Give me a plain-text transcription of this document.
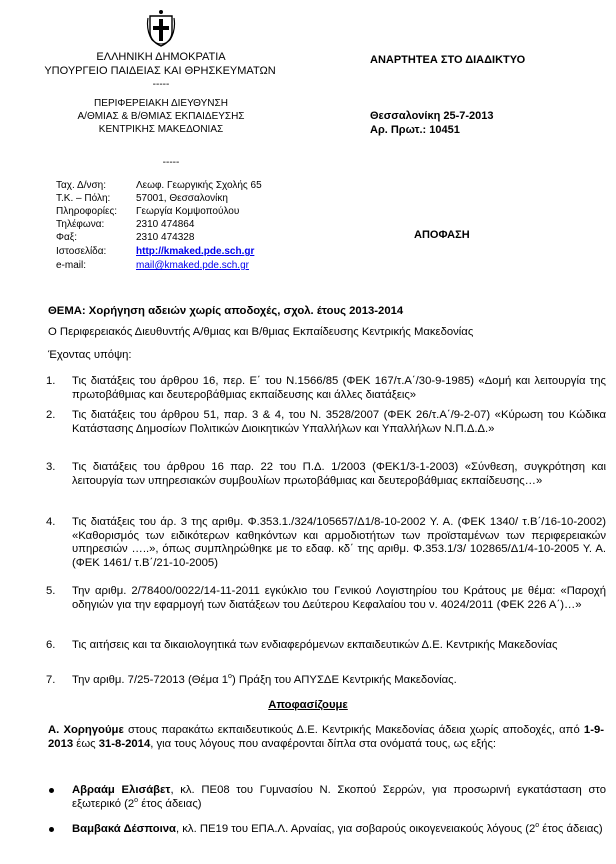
ΕΛΛΗΝΙΚΗ ΔΗΜΟΚΡΑΤΙΑ
ΥΠΟΥΡΓΕΙΟ ΠΑΙΔΕΙΑΣ ΚΑΙ ΘΡΗΣΚΕΥΜΑΤΩΝ
-----
ΠΕΡΙΦΕΡΕΙΑΚΗ ΔΙΕΥΘΥΝΣΗ
Α/ΘΜΙΑΣ & Β/ΘΜΙΑΣ ΕΚΠΑΙΔΕΥΣΗΣ
ΚΕΝΤΡΙΚΗΣ ΜΑΚΕΔΟΝΙΑΣ
-----
ΑΝΑΡΤΗΤΕΑ ΣΤΟ ΔΙΑΔΙΚΤΥΟ
Θεσσαλονίκη 25-7-2013
Αρ. Πρωτ.: 10451
ΑΠΟΦΑΣΗ
Ταχ. Δ/νση:	Λεωφ. Γεωργικής Σχολής 65
Τ.Κ. – Πόλη:	57001, Θεσσαλονίκη
Πληροφορίες: Γεωργία Κομψοπούλου
Τηλέφωνα:	2310 474864
Φαξ:	2310 474328
Ιστοσελίδα:	http://kmaked.pde.sch.gr
e-mail:	mail@kmaked.pde.sch.gr
ΘΕΜΑ: Χορήγηση αδειών χωρίς αποδοχές, σχολ. έτους 2013-2014
Ο Περιφερειακός Διευθυντής Α/θμιας και Β/θμιας Εκπαίδευσης Κεντρικής Μακεδονίας
Έχοντας υπόψη:
1. Τις διατάξεις του άρθρου 16, περ. Ε΄ του Ν.1566/85 (ΦΕΚ 167/τ.Α΄/30-9-1985) «Δομή και λειτουργία της πρωτοβάθμιας και δευτεροβάθμιας εκπαίδευσης και άλλες διατάξεις»
2. Τις διατάξεις του άρθρου 51, παρ. 3 & 4, του Ν. 3528/2007 (ΦΕΚ 26/τ.Α΄/9-2-07) «Κύρωση του Κώδικα Κατάστασης Δημοσίων Πολιτικών Διοικητικών Υπαλλήλων και Υπαλλήλων Ν.Π.Δ.Δ.»
3. Τις διατάξεις του άρθρου 16 παρ. 22 του Π.Δ. 1/2003 (ΦΕΚ1/3-1-2003) «Σύνθεση, συγκρότηση και λειτουργία των υπηρεσιακών συμβουλίων πρωτοβάθμιας και δευτεροβάθμιας εκπαίδευσης…»
4. Τις διατάξεις του άρ. 3 της αριθμ. Φ.353.1./324/105657/Δ1/8-10-2002 Υ. Α. (ΦΕΚ 1340/ τ.Β΄/16-10-2002) «Καθορισμός των ειδικότερων καθηκόντων και αρμοδιοτήτων των προϊσταμένων των περιφερειακών υπηρεσιών …..», όπως συμπληρώθηκε με το εδαφ. κδ΄ της αριθμ. Φ.353.1/3/ 102865/Δ1/4-10-2005 Υ. Α. (ΦΕΚ 1461/ τ.Β΄/21-10-2005)
5. Την αριθμ. 2/78400/0022/14-11-2011 εγκύκλιο του Γενικού Λογιστηρίου του Κράτους με θέμα: «Παροχή οδηγιών για την εφαρμογή των διατάξεων του Δεύτερου Κεφαλαίου του ν. 4024/2011 (ΦΕΚ 226 Α΄)…»
6. Τις αιτήσεις και τα δικαιολογητικά των ενδιαφερόμενων εκπαιδευτικών Δ.Ε. Κεντρικής Μακεδονίας
7. Την αριθμ. 7/25-72013 (Θέμα $1^o$) Πράξη του ΑΠΥΣΔΕ Κεντρικής Μακεδονίας.
Αποφασίζουμε
Α. Χορηγούμε στους παρακάτω εκπαιδευτικούς Δ.Ε. Κεντρικής Μακεδονίας άδεια χωρίς αποδοχές, από 1-9-2013 έως 31-8-2014, για τους λόγους που αναφέρονται δίπλα στα ονόματά τους, ως εξής:
Αβραάμ Ελισάβετ, κλ. ΠΕ08 του Γυμνασίου Ν. Σκοπού Σερρών, για προσωρινή εγκατάσταση στο εξωτερικό ($2^o$ έτος άδειας)
Βαμβακά Δέσποινα, κλ. ΠΕ19 του ΕΠΑ.Λ. Αρναίας, για σοβαρούς οικογενειακούς λόγους ($2^o$ έτος άδειας)
